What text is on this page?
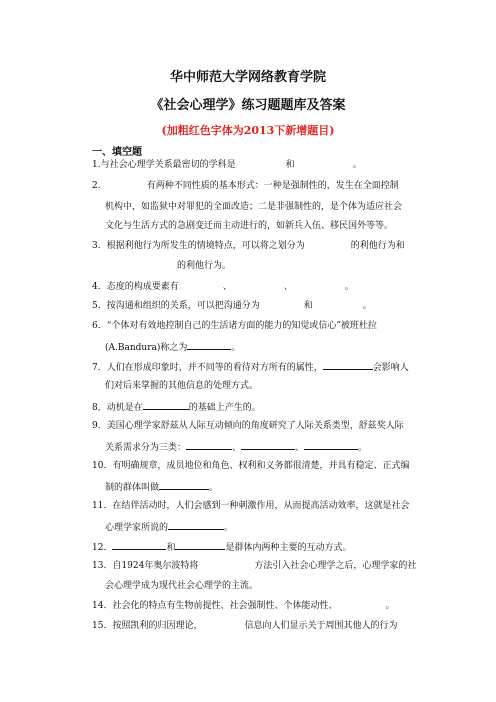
华中师范大学网络教育学院
《社会心理学》练习题题库及答案
(加粗红色字体为2013下新增题目)
一、填空题
1.与社会心理学关系最密切的学科是	和	。
2．	有两种不同性质的基本形式：一种是强制性的，发生在全面控制
机构中，如监狱中对罪犯的全面改造；二是非强制性的，是个体为适应社会
文化与生活方式的急剧变迁而主动进行的，如新兵入伍、移民国外等等。
3．根据利他行为所发生的情境特点，可以将之划分为	的利他行为和
的利他行为。
4．态度的构成要素有	、	、	。
5．按沟通和组织的关系，可以把沟通分为	和	。
6．“个体对有效地控制自己的生活诸方面的能力的知觉或信心”被班杜拉
(A.Bandura)称之为	。
7．人们在形成印象时，并不同等的看待对方所有的属性，	会影响人
们对后来掌握的其他信息的处理方式。
8．动机是在	的基础上产生的。
9．美国心理学家舒兹从人际互动倾向的角度研究了人际关系类型，舒兹奖人际
关系需求分为三类：	、	、	。
10．有明确规章，成员地位和角色、权利和义务都很清楚，并具有稳定、正式编
制的群体叫做	。
11．在结伴活动时，人们会感到一种刺激作用，从而提高活动效率，这就是社会
心理学家所说的	。
12．	和	是群体内两种主要的互动方式。
13．自1924年奥尔波特将	方法引入社会心理学之后，心理学家的社
会心理学成为现代社会心理学的主流。
14．社会化的特点有生物前提性、社会强制性、个体能动性、	。
15．按照凯利的归因理论，	信息向人们显示关于周围其他人的行为
